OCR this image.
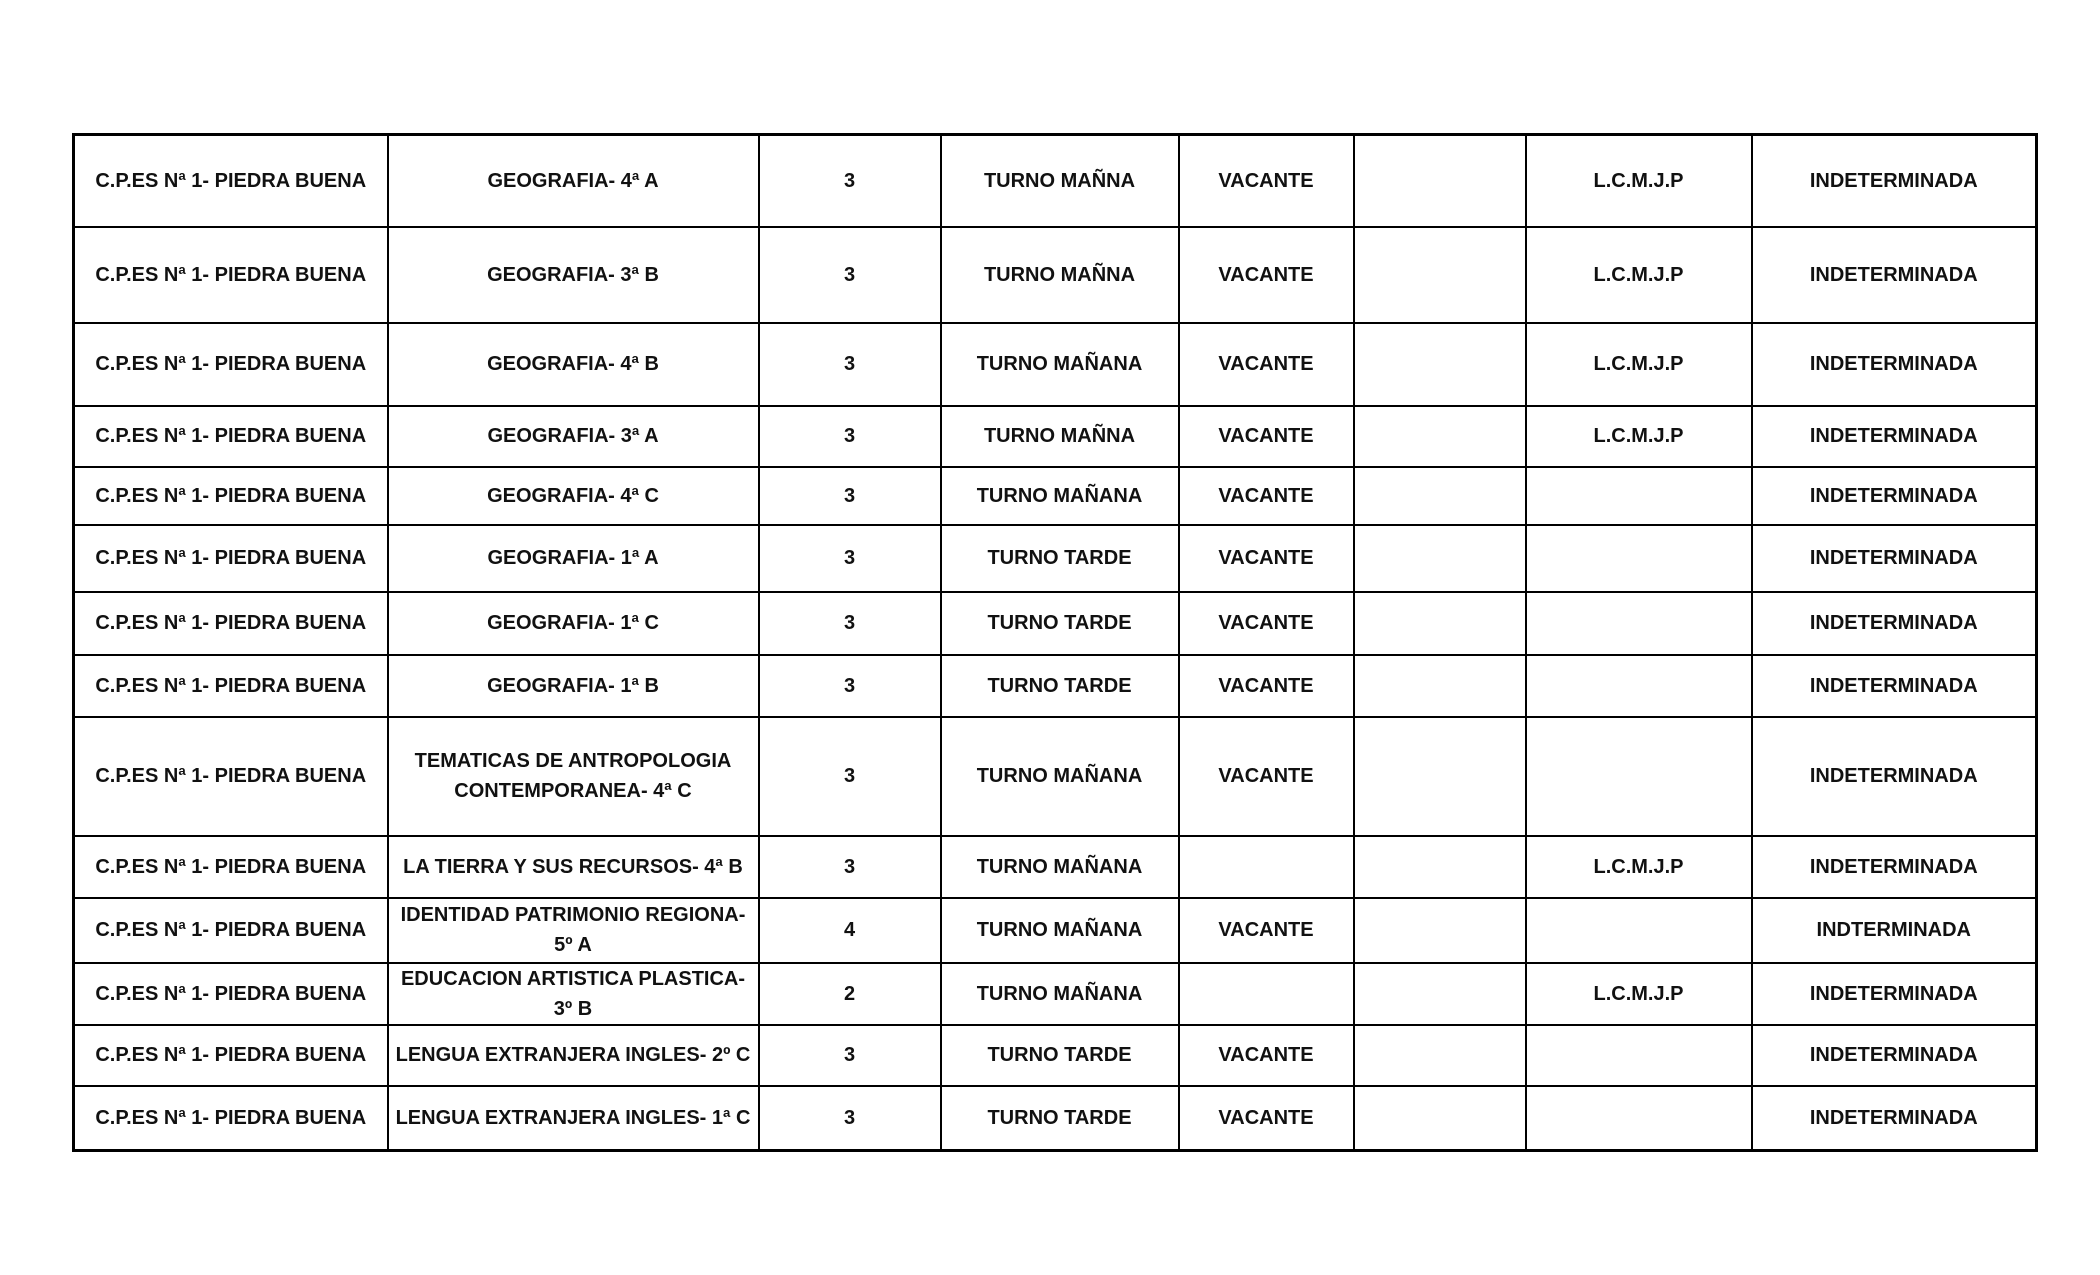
C.P.ES Nª 1- PIEDRA BUENA	GEOGRAFIA- 4ª A	3	TURNO MAÑNA	VACANTE		L.C.M.J.P	INDETERMINADA
C.P.ES Nª 1- PIEDRA BUENA	GEOGRAFIA- 3ª B	3	TURNO MAÑNA	VACANTE		L.C.M.J.P	INDETERMINADA
C.P.ES Nª 1- PIEDRA BUENA	GEOGRAFIA- 4ª B	3	TURNO MAÑANA	VACANTE		L.C.M.J.P	INDETERMINADA
C.P.ES Nª 1- PIEDRA BUENA	GEOGRAFIA- 3ª A	3	TURNO MAÑNA	VACANTE		L.C.M.J.P	INDETERMINADA
C.P.ES Nª 1- PIEDRA BUENA	GEOGRAFIA- 4ª C	3	TURNO MAÑANA	VACANTE			INDETERMINADA
C.P.ES Nª 1- PIEDRA BUENA	GEOGRAFIA- 1ª A	3	TURNO TARDE	VACANTE			INDETERMINADA
C.P.ES Nª 1- PIEDRA BUENA	GEOGRAFIA- 1ª C	3	TURNO TARDE	VACANTE			INDETERMINADA
C.P.ES Nª 1- PIEDRA BUENA	GEOGRAFIA- 1ª B	3	TURNO TARDE	VACANTE			INDETERMINADA
C.P.ES Nª 1- PIEDRA BUENA	TEMATICAS DE ANTROPOLOGIA CONTEMPORANEA- 4ª C	3	TURNO MAÑANA	VACANTE			INDETERMINADA
C.P.ES Nª 1- PIEDRA BUENA	LA TIERRA Y SUS RECURSOS- 4ª B	3	TURNO MAÑANA			L.C.M.J.P	INDETERMINADA
C.P.ES Nª 1- PIEDRA BUENA	IDENTIDAD PATRIMONIO REGIONA- 5º A	4	TURNO MAÑANA	VACANTE			INDTERMINADA
C.P.ES Nª 1- PIEDRA BUENA	EDUCACION ARTISTICA PLASTICA- 3º B	2	TURNO MAÑANA			L.C.M.J.P	INDETERMINADA
C.P.ES Nª 1- PIEDRA BUENA	LENGUA EXTRANJERA INGLES- 2º C	3	TURNO TARDE	VACANTE			INDETERMINADA
C.P.ES Nª 1- PIEDRA BUENA	LENGUA EXTRANJERA INGLES- 1ª C	3	TURNO TARDE	VACANTE			INDETERMINADA
